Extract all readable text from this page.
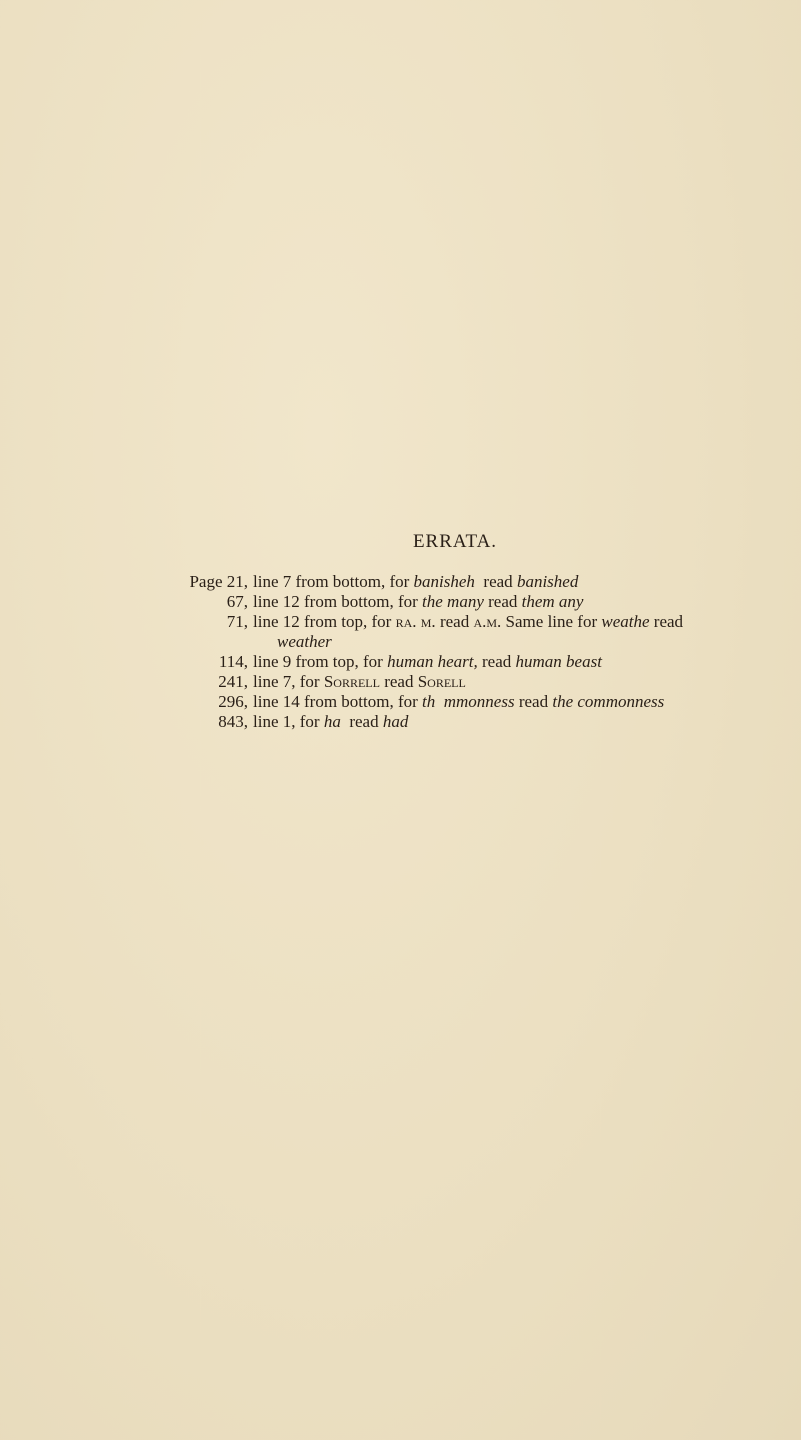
ERRATA.
Page 21, line 7 from bottom, for banisheh  read banished
67, line 12 from bottom, for the many read them any
71, line 12 from top, for ra. m. read a.m. Same line for weathe read
weather
114, line 9 from top, for human heart, read human beast
241, line 7, for Sorrell read Sorell
296, line 14 from bottom, for th  mmonness read the commonness
843, line 1, for ha  read had
